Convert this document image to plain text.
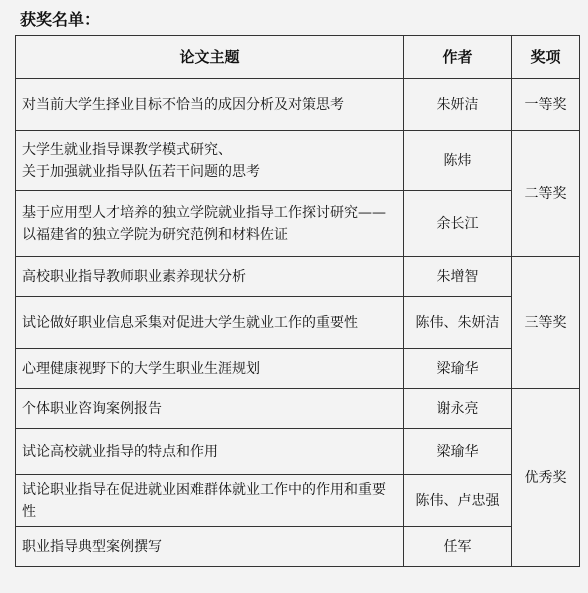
获奖名单：
论文主题	作者	奖项
对当前大学生择业目标不恰当的成因分析及对策思考	朱妍洁	一等奖
大学生就业指导课教学模式研究、
关于加强就业指导队伍若干问题的思考	陈炜	二等奖
基于应用型人才培养的独立学院就业指导工作探讨研究——以福建省的独立学院为研究范例和材料佐证	余长江	
高校职业指导教师职业素养现状分析	朱增智	三等奖
试论做好职业信息采集对促进大学生就业工作的重要性	陈伟、朱妍洁	
心理健康视野下的大学生职业生涯规划	梁瑜华	
个体职业咨询案例报告	谢永亮	优秀奖
试论高校就业指导的特点和作用	梁瑜华	
试论职业指导在促进就业困难群体就业工作中的作用和重要性	陈伟、卢忠强	
职业指导典型案例撰写	任军	
